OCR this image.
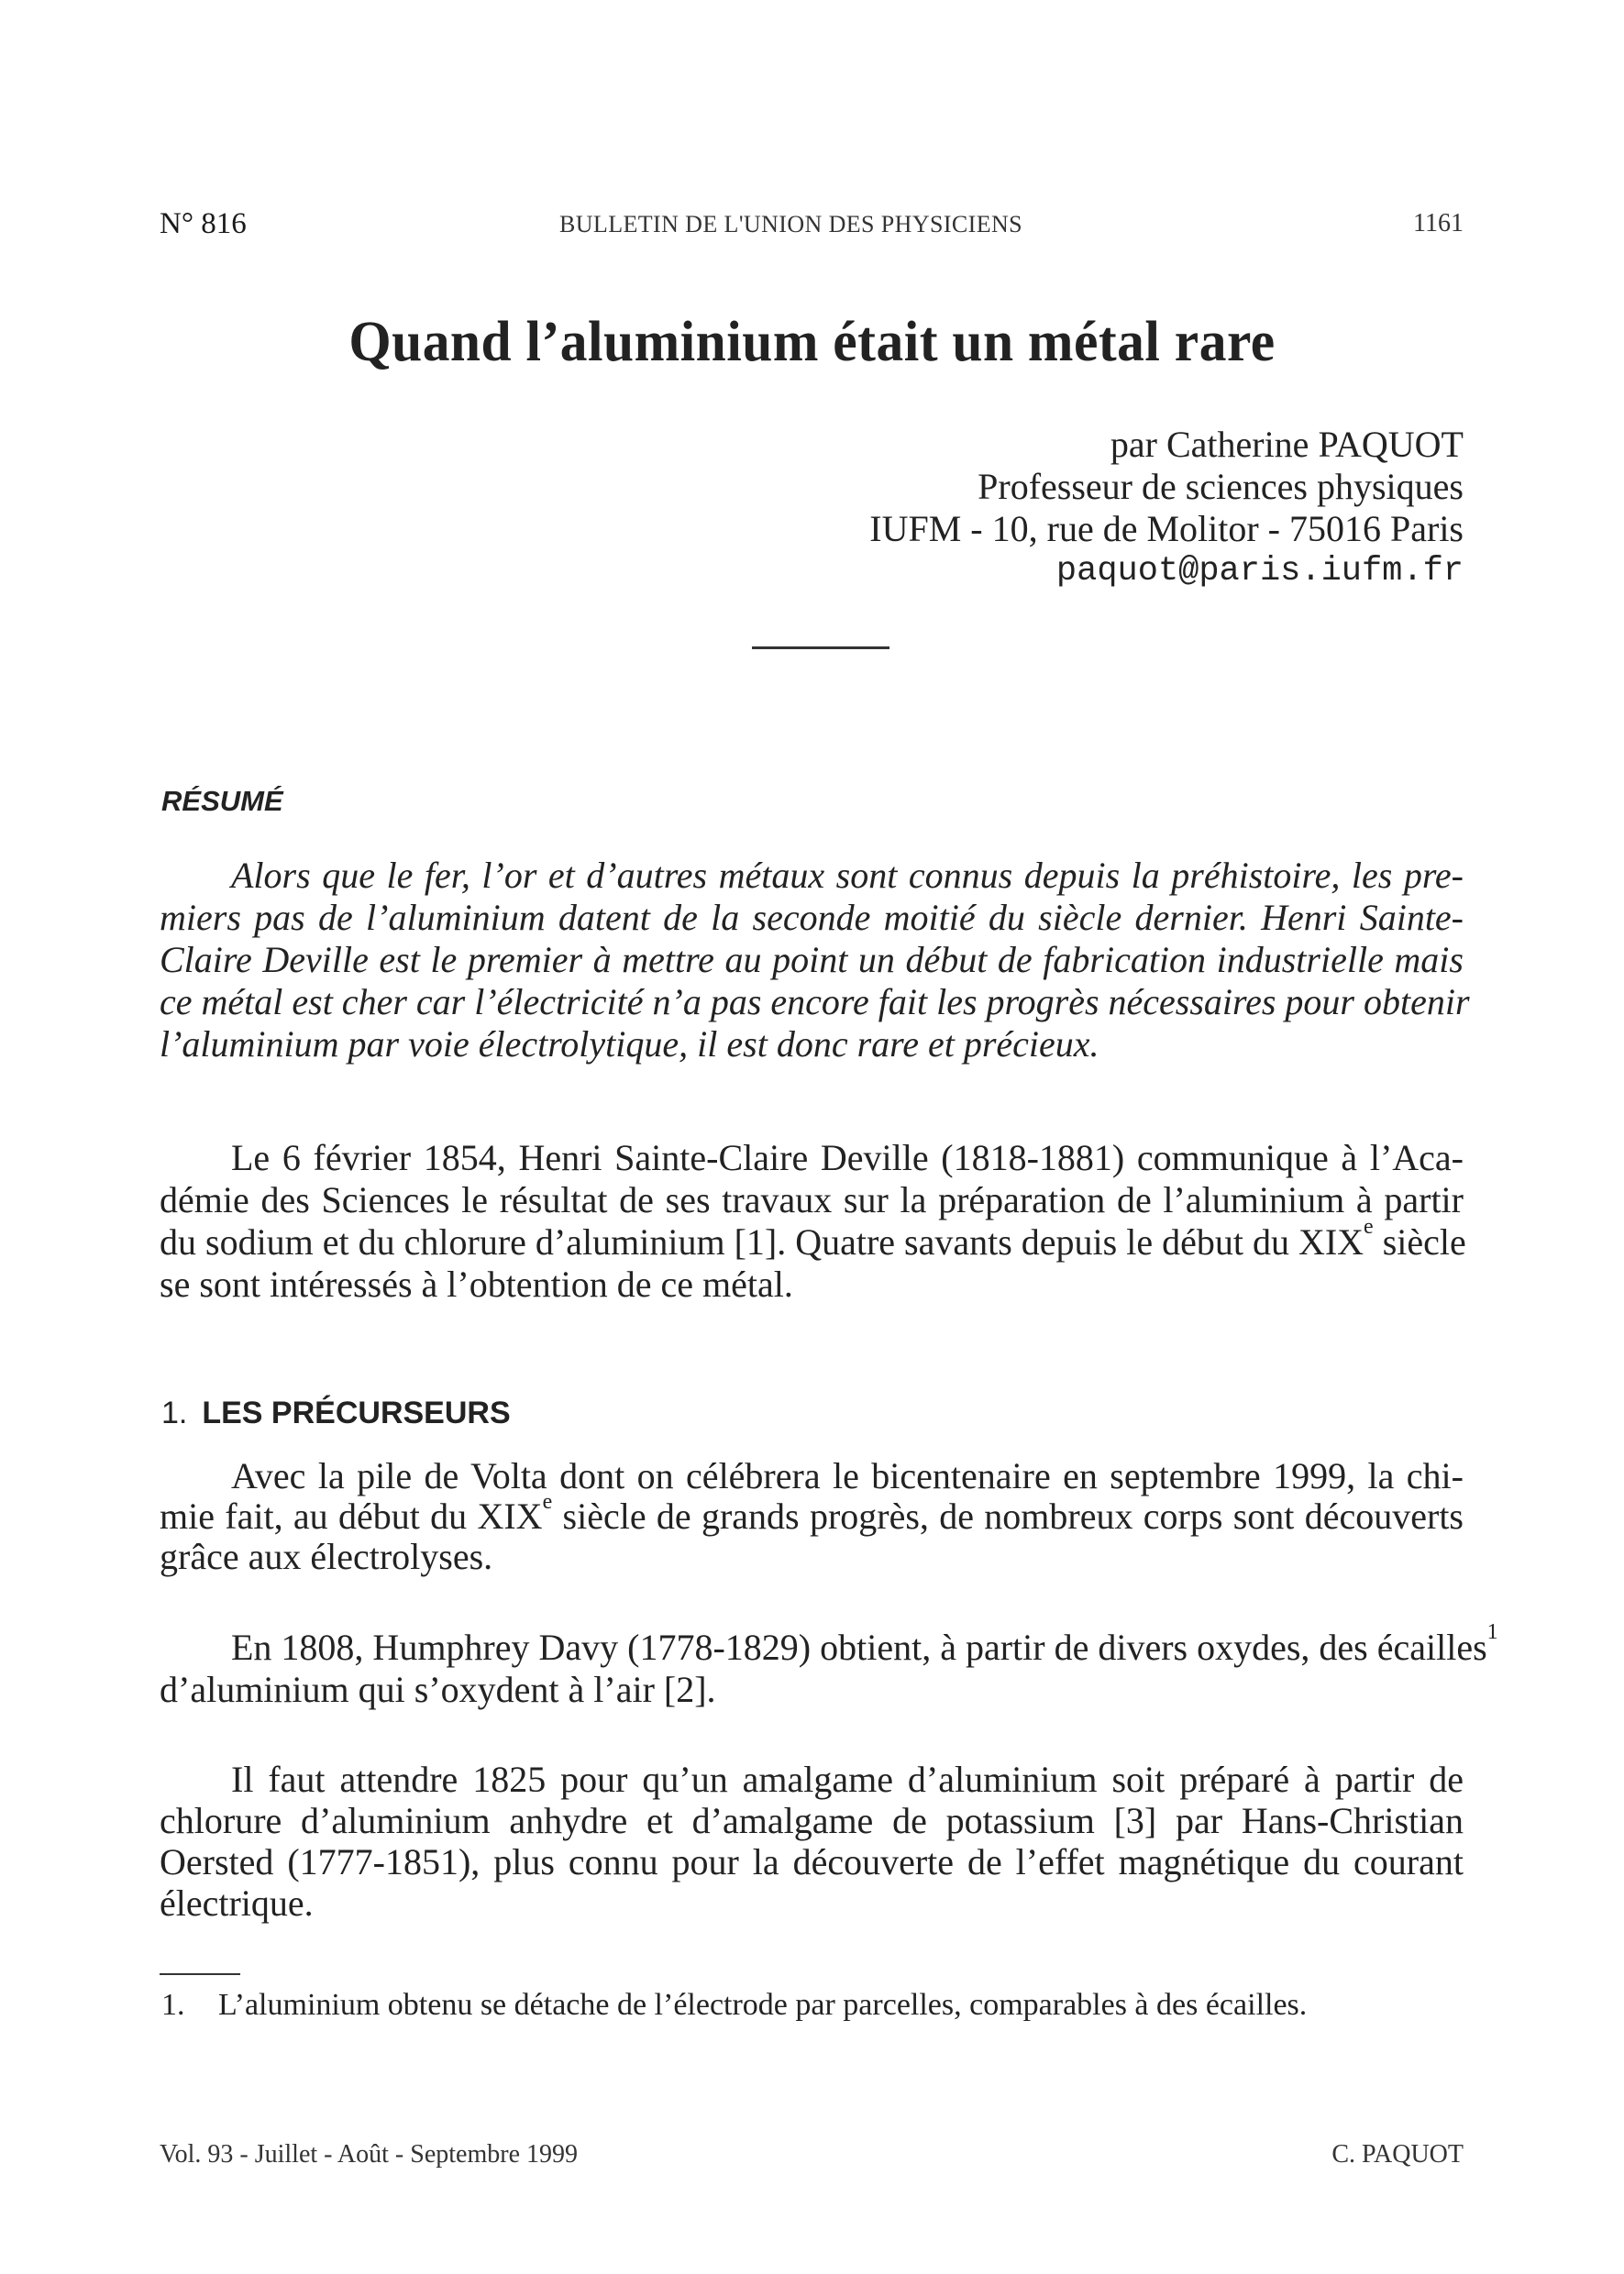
N° 816	BULLETIN DE L'UNION DES PHYSICIENS	1161
Quand l’aluminium était un métal rare
par Catherine PAQUOT
Professeur de sciences physiques
IUFM - 10, rue de Molitor - 75016 Paris
paquot@paris.iufm.fr
RÉSUMÉ
Alors que le fer, l’or et d’autres métaux sont connus depuis la préhistoire, les pre-
miers pas de l’aluminium datent de la seconde moitié du siècle dernier. Henri Sainte-
Claire Deville est le premier à mettre au point un début de fabrication industrielle mais
ce métal est cher car l’électricité n’a pas encore fait les progrès nécessaires pour obtenir
l’aluminium par voie électrolytique, il est donc rare et précieux.
Le 6 février 1854, Henri Sainte-Claire Deville (1818-1881) communique à l’Aca-
démie des Sciences le résultat de ses travaux sur la préparation de l’aluminium à partir
du sodium et du chlorure d’aluminium [1]. Quatre savants depuis le début du XIXe siècle
se sont intéressés à l’obtention de ce métal.
1. LES PRÉCURSEURS
Avec la pile de Volta dont on célébrera le bicentenaire en septembre 1999, la chi-
mie fait, au début du XIXe siècle de grands progrès, de nombreux corps sont découverts
grâce aux électrolyses.
En 1808, Humphrey Davy (1778-1829) obtient, à partir de divers oxydes, des écailles$^1$
d’aluminium qui s’oxydent à l’air [2].
Il faut attendre 1825 pour qu’un amalgame d’aluminium soit préparé à partir de
chlorure d’aluminium anhydre et d’amalgame de potassium [3] par Hans-Christian
Oersted (1777-1851), plus connu pour la découverte de l’effet magnétique du courant
électrique.
1. L’aluminium obtenu se détache de l’électrode par parcelles, comparables à des écailles.
Vol. 93 - Juillet - Août - Septembre 1999	C. PAQUOT
